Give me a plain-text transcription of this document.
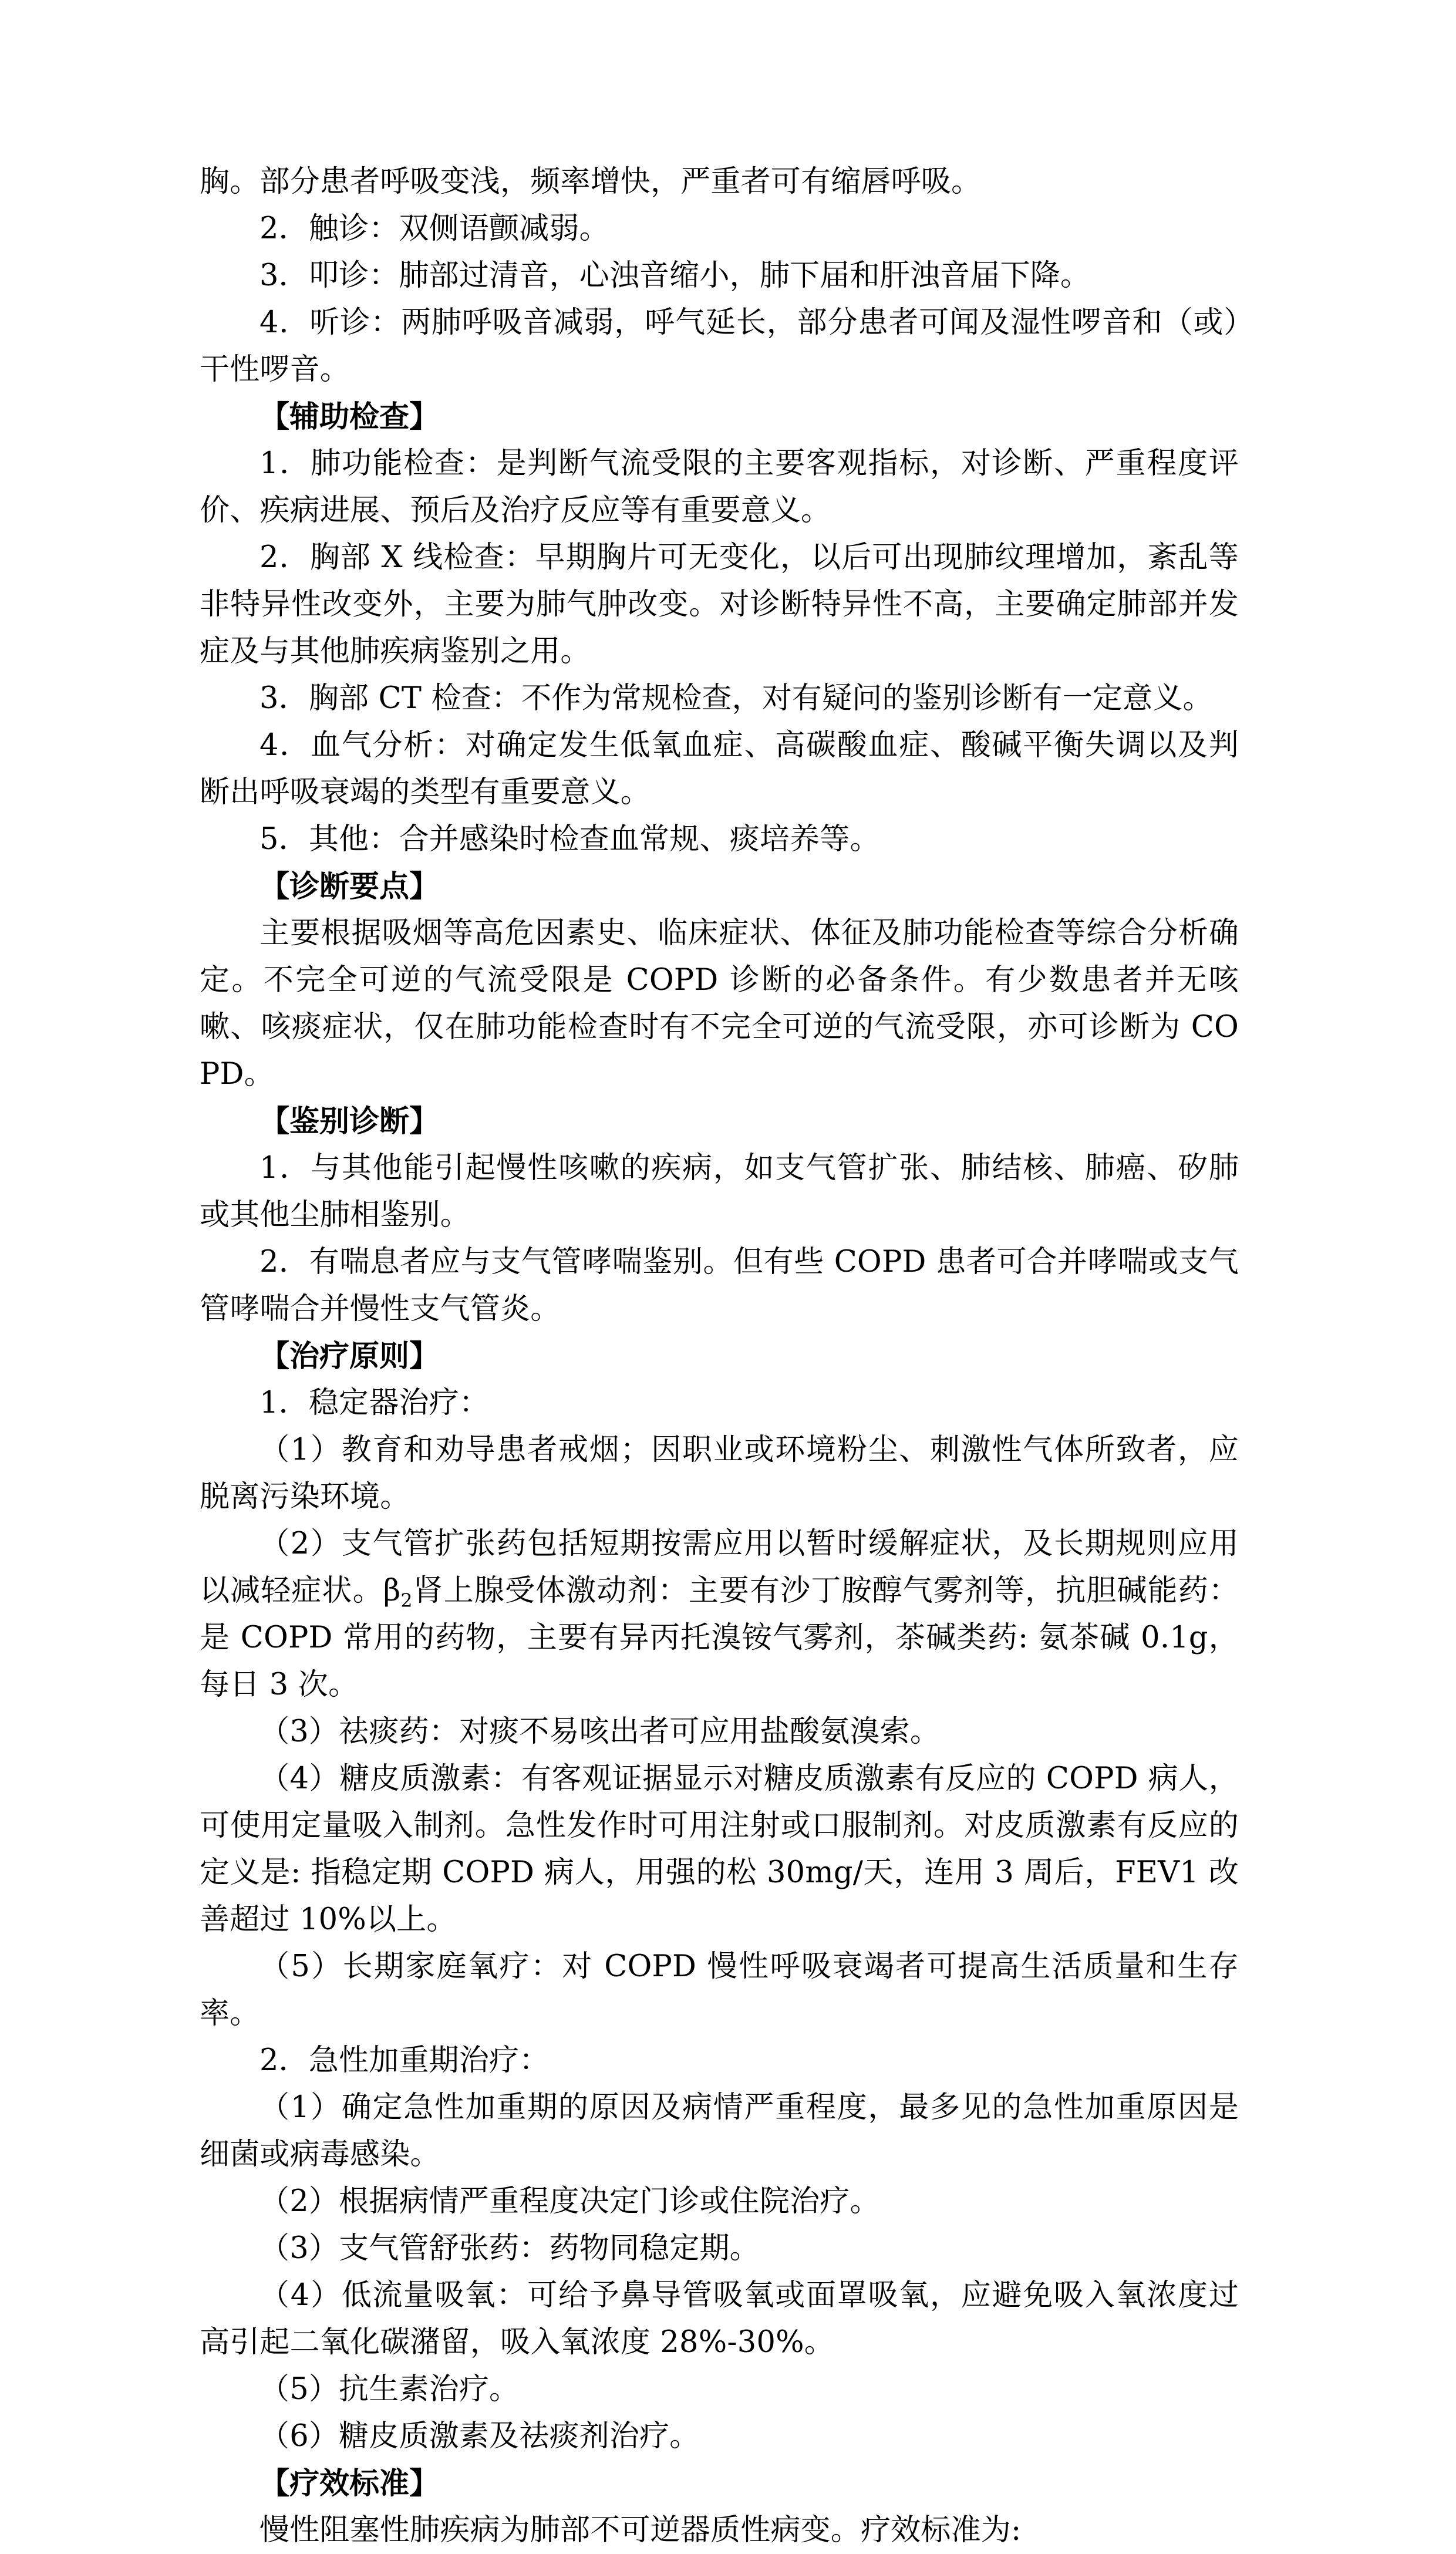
胸。部分患者呼吸变浅，频率增快，严重者可有缩唇呼吸。

2．触诊：双侧语颤减弱。

3．叩诊：肺部过清音，心浊音缩小，肺下届和肝浊音届下降。

4．听诊：两肺呼吸音减弱，呼气延长，部分患者可闻及湿性啰音和（或）干性啰音。

【辅助检查】

1．肺功能检查：是判断气流受限的主要客观指标，对诊断、严重程度评价、疾病进展、预后及治疗反应等有重要意义。

2．胸部 X 线检查：早期胸片可无变化，以后可出现肺纹理增加，紊乱等非特异性改变外，主要为肺气肿改变。对诊断特异性不高，主要确定肺部并发症及与其他肺疾病鉴别之用。

3．胸部 CT 检查：不作为常规检查，对有疑问的鉴别诊断有一定意义。

4．血气分析：对确定发生低氧血症、高碳酸血症、酸碱平衡失调以及判断出呼吸衰竭的类型有重要意义。

5．其他：合并感染时检查血常规、痰培养等。

【诊断要点】

主要根据吸烟等高危因素史、临床症状、体征及肺功能检查等综合分析确定。不完全可逆的气流受限是 COPD 诊断的必备条件。有少数患者并无咳嗽、咳痰症状，仅在肺功能检查时有不完全可逆的气流受限，亦可诊断为 COPD。

【鉴别诊断】

1．与其他能引起慢性咳嗽的疾病，如支气管扩张、肺结核、肺癌、矽肺或其他尘肺相鉴别。

2．有喘息者应与支气管哮喘鉴别。但有些 COPD 患者可合并哮喘或支气管哮喘合并慢性支气管炎。

【治疗原则】

1．稳定器治疗：

（1）教育和劝导患者戒烟；因职业或环境粉尘、刺激性气体所致者，应脱离污染环境。

（2）支气管扩张药包括短期按需应用以暂时缓解症状，及长期规则应用以减轻症状。$\beta_2$肾上腺受体激动剂：主要有沙丁胺醇气雾剂等，抗胆碱能药：是 COPD 常用的药物，主要有异丙托溴铵气雾剂，茶碱类药: 氨茶碱 0.1g，每日 3 次。

（3）祛痰药：对痰不易咳出者可应用盐酸氨溴索。

（4）糖皮质激素：有客观证据显示对糖皮质激素有反应的 COPD 病人，可使用定量吸入制剂。急性发作时可用注射或口服制剂。对皮质激素有反应的定义是: 指稳定期 COPD 病人，用强的松 30mg/天，连用 3 周后，FEV1 改善超过 10%以上。

（5）长期家庭氧疗：对 COPD 慢性呼吸衰竭者可提高生活质量和生存率。

2．急性加重期治疗：

（1）确定急性加重期的原因及病情严重程度，最多见的急性加重原因是细菌或病毒感染。

（2）根据病情严重程度决定门诊或住院治疗。

（3）支气管舒张药：药物同稳定期。

（4）低流量吸氧：可给予鼻导管吸氧或面罩吸氧，应避免吸入氧浓度过高引起二氧化碳潴留，吸入氧浓度 28%-30%。

（5）抗生素治疗。

（6）糖皮质激素及祛痰剂治疗。

【疗效标准】

慢性阻塞性肺疾病为肺部不可逆器质性病变。疗效标准为:
